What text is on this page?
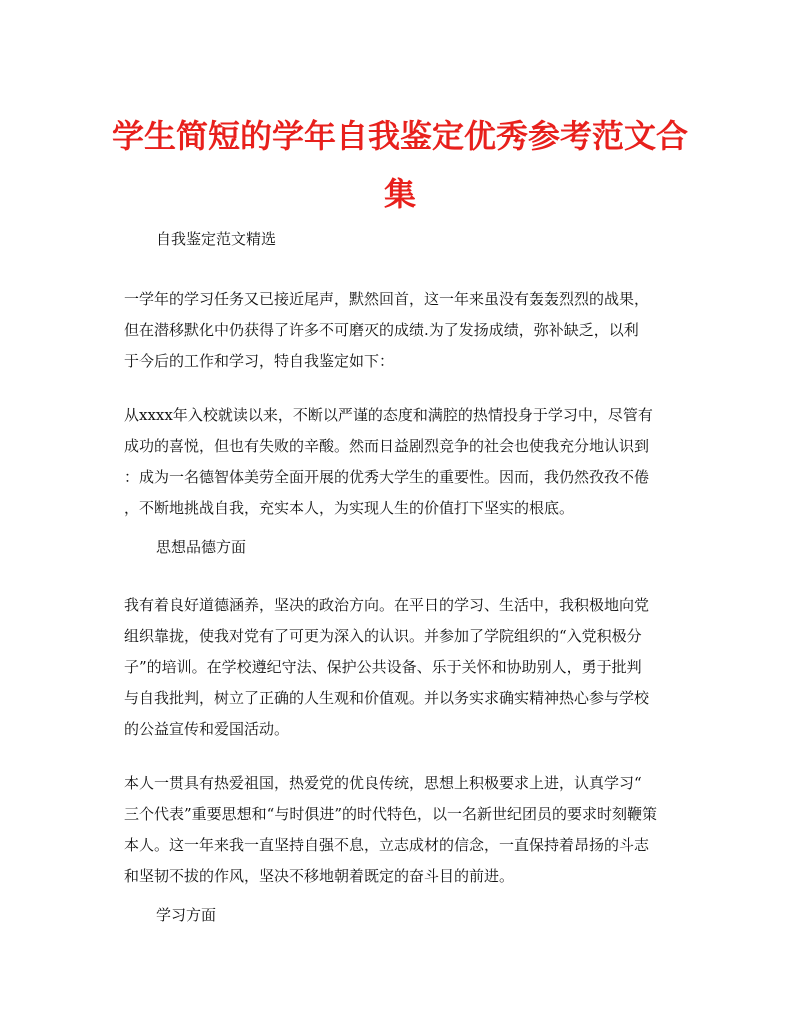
学生简短的学年自我鉴定优秀参考范文合
集

自我鉴定范文精选

一学年的学习任务又已接近尾声，默然回首，这一年来虽没有轰轰烈烈的战果，
但在潜移默化中仍获得了许多不可磨灭的成绩.为了发扬成绩，弥补缺乏，以利
于今后的工作和学习，特自我鉴定如下：
从xxxx年入校就读以来，不断以严谨的态度和满腔的热情投身于学习中，尽管有
成功的喜悦，但也有失败的辛酸。然而日益剧烈竞争的社会也使我充分地认识到
：成为一名德智体美劳全面开展的优秀大学生的重要性。因而，我仍然孜孜不倦
，不断地挑战自我，充实本人，为实现人生的价值打下坚实的根底。

思想品德方面

我有着良好道德涵养，坚决的政治方向。在平日的学习、生活中，我积极地向党
组织靠拢，使我对党有了可更为深入的认识。并参加了学院组织的“入党积极分
子”的培训。在学校遵纪守法、保护公共设备、乐于关怀和协助别人，勇于批判
与自我批判，树立了正确的人生观和价值观。并以务实求确实精神热心参与学校
的公益宣传和爱国活动。
本人一贯具有热爱祖国，热爱党的优良传统，思想上积极要求上进，认真学习“
三个代表”重要思想和“与时俱进”的时代特色，以一名新世纪团员的要求时刻鞭策
本人。这一年来我一直坚持自强不息，立志成材的信念，一直保持着昂扬的斗志
和坚韧不拔的作风，坚决不移地朝着既定的奋斗目的前进。

学习方面
